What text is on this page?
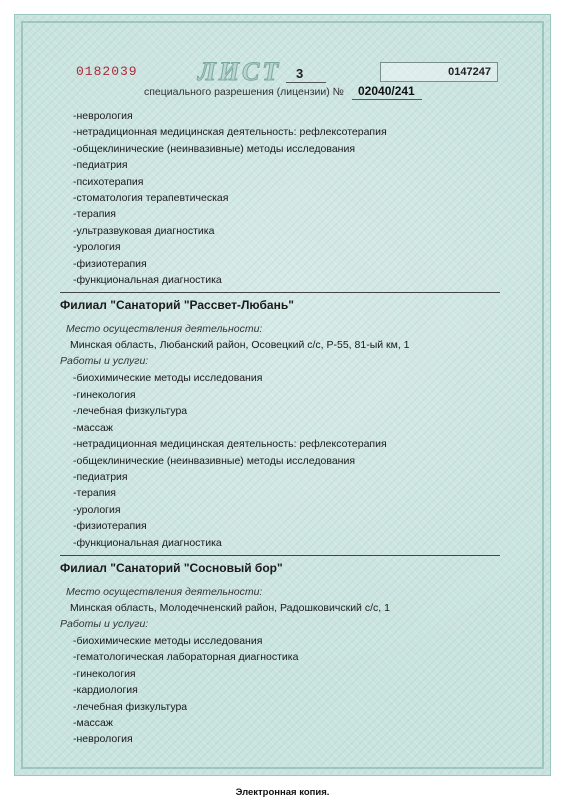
0182039 ЛИСТ 3	0147247
специального разрешения (лицензии) № 02040/241
-неврология
-нетрадиционная медицинская деятельность: рефлексотерапия
-общеклинические (неинвазивные) методы исследования
-педиатрия
-психотерапия
-стоматология терапевтическая
-терапия
-ультразвуковая диагностика
-урология
-физиотерапия
-функциональная диагностика
Филиал "Санаторий "Рассвет-Любань"
Место осуществления деятельности:
Минская область, Любанский район, Осовецкий с/с, Р-55, 81-ый км, 1
Работы и услуги:
-биохимические методы исследования
-гинекология
-лечебная физкультура
-массаж
-нетрадиционная медицинская деятельность: рефлексотерапия
-общеклинические (неинвазивные) методы исследования
-педиатрия
-терапия
-урология
-физиотерапия
-функциональная диагностика
Филиал "Санаторий "Сосновый бор"
Место осуществления деятельности:
Минская область, Молодечненский район, Радошковичский с/с, 1
Работы и услуги:
-биохимические методы исследования
-гематологическая лабораторная диагностика
-гинекология
-кардиология
-лечебная физкультура
-массаж
-неврология
Электронная копия.
